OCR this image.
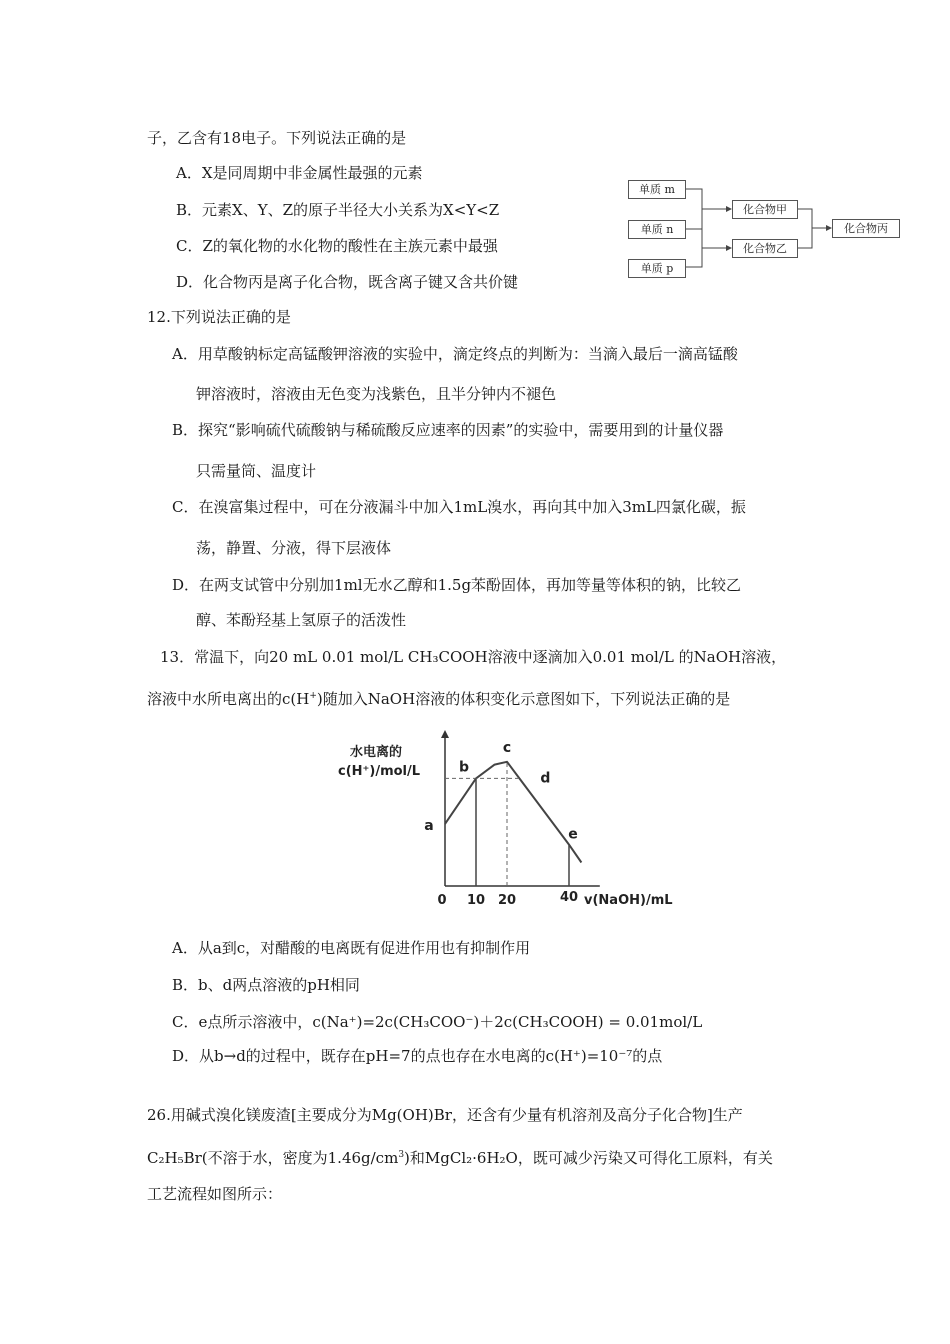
子，乙含有18电子。下列说法正确的是
A．X是同周期中非金属性最强的元素
B．元素X、Y、Z的原子半径大小关系为X<Y<Z
C．Z的氧化物的水化物的酸性在主族元素中最强
D．化合物丙是离子化合物，既含离子键又含共价键
单质 m
单质 n
单质 p
化合物甲
化合物乙
化合物丙
12.下列说法正确的是
A．用草酸钠标定高锰酸钾溶液的实验中，滴定终点的判断为：当滴入最后一滴高锰酸
钾溶液时，溶液由无色变为浅紫色，且半分钟内不褪色
B．探究“影响硫代硫酸钠与稀硫酸反应速率的因素”的实验中，需要用到的计量仪器
只需量筒、温度计
C．在溴富集过程中，可在分液漏斗中加入1mL溴水，再向其中加入3mL四氯化碳，振
荡，静置、分液，得下层液体
D．在两支试管中分别加1ml无水乙醇和1.5g苯酚固体，再加等量等体积的钠，比较乙
醇、苯酚羟基上氢原子的活泼性
13．常温下，向20 mL 0.01 mol/L CH₃COOH溶液中逐滴加入0.01 mol/L 的NaOH溶液，
溶液中水所电离出的c(H+)随加入NaOH溶液的体积变化示意图如下，下列说法正确的是
水电离的
c(H⁺)/mol/L
v(NaOH)/mL
a
b
c
d
e
0 10 20	40
A．从a到c，对醋酸的电离既有促进作用也有抑制作用
B．b、d两点溶液的pH相同
C．e点所示溶液中，c(Na⁺)=2c(CH₃COO⁻)＋2c(CH₃COOH) = 0.01mol/L
D．从b→d的过程中，既存在pH=7的点也存在水电离的c(H⁺)=10⁻⁷的点
26.用碱式溴化镁废渣[主要成分为Mg(OH)Br，还含有少量有机溶剂及高分子化合物]生产
C₂H₅Br(不溶于水，密度为$1.46g/cm^3$)和MgCl₂·6H₂O，既可减少污染又可得化工原料，有关
工艺流程如图所示：
